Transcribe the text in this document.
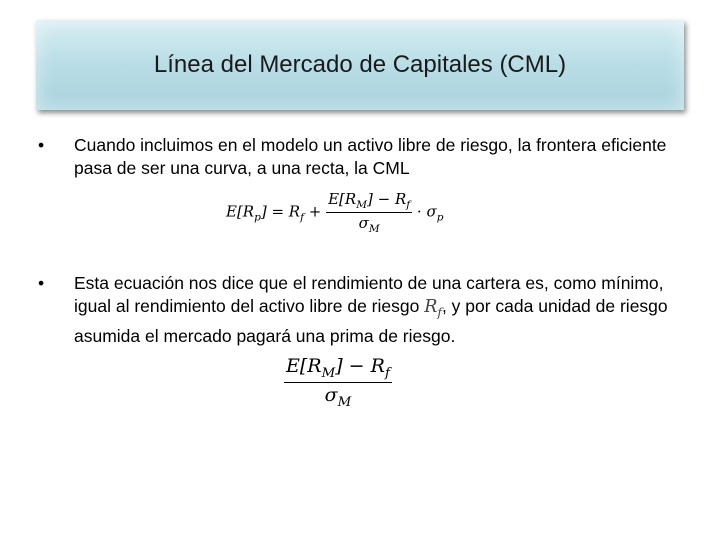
Línea del Mercado de Capitales (CML)
• Cuando incluimos en el modelo un activo libre de riesgo, la frontera eficiente pasa de ser una curva, a una recta, la CML
$E[R_p] = R_f + \frac{E[R_M] - R_f}{\sigma_M} \cdot \sigma_p$
• Esta ecuación nos dice que el rendimiento de una cartera es, como mínimo, igual al rendimiento del activo libre de riesgo $R_f$, y por cada unidad de riesgo asumida el mercado pagará una prima de riesgo.
$\frac{E[R_M] - R_f}{\sigma_M}$
